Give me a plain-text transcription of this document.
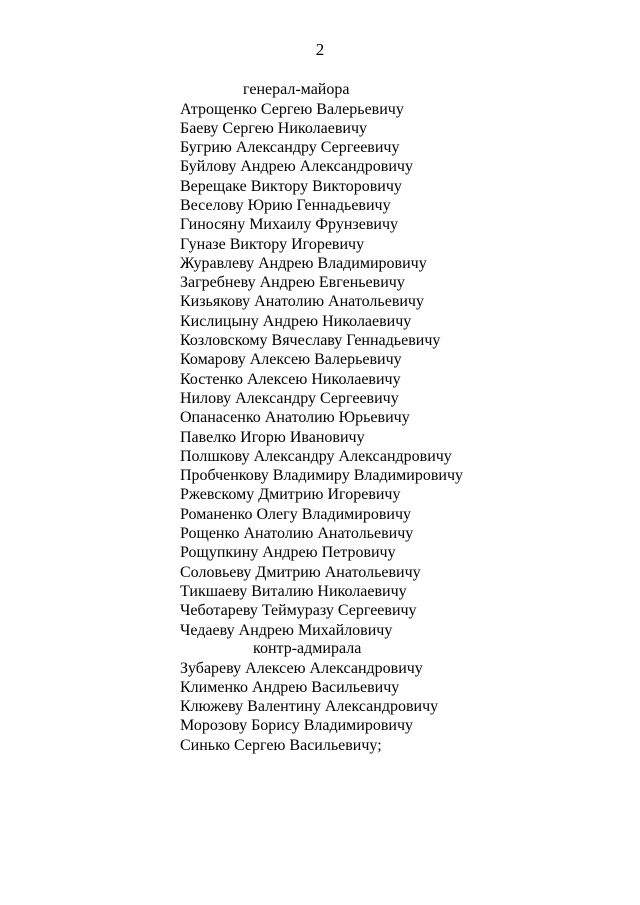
2
генерал-майора
Атрощенко Сергею Валерьевичу
Баеву Сергею Николаевичу
Бугрию Александру Сергеевичу
Буйлову Андрею Александровичу
Верещаке Виктору Викторовичу
Веселову Юрию Геннадьевичу
Гиносяну Михаилу Фрунзевичу
Гуназе Виктору Игоревичу
Журавлеву Андрею Владимировичу
Загребневу Андрею Евгеньевичу
Кизьякову Анатолию Анатольевичу
Кислицыну Андрею Николаевичу
Козловскому Вячеславу Геннадьевичу
Комарову Алексею Валерьевичу
Костенко Алексею Николаевичу
Нилову Александру Сергеевичу
Опанасенко Анатолию Юрьевичу
Павелко Игорю Ивановичу
Полшкову Александру Александровичу
Пробченкову Владимиру Владимировичу
Ржевскому Дмитрию Игоревичу
Романенко Олегу Владимировичу
Рощенко Анатолию Анатольевичу
Рощупкину Андрею Петровичу
Соловьеву Дмитрию Анатольевичу
Тикшаеву Виталию Николаевичу
Чеботареву Теймуразу Сергеевичу
Чедаеву Андрею Михайловичу
контр-адмирала
Зубареву Алексею Александровичу
Клименко Андрею Васильевичу
Клюжеву Валентину Александровичу
Морозову Борису Владимировичу
Синько Сергею Васильевичу;
